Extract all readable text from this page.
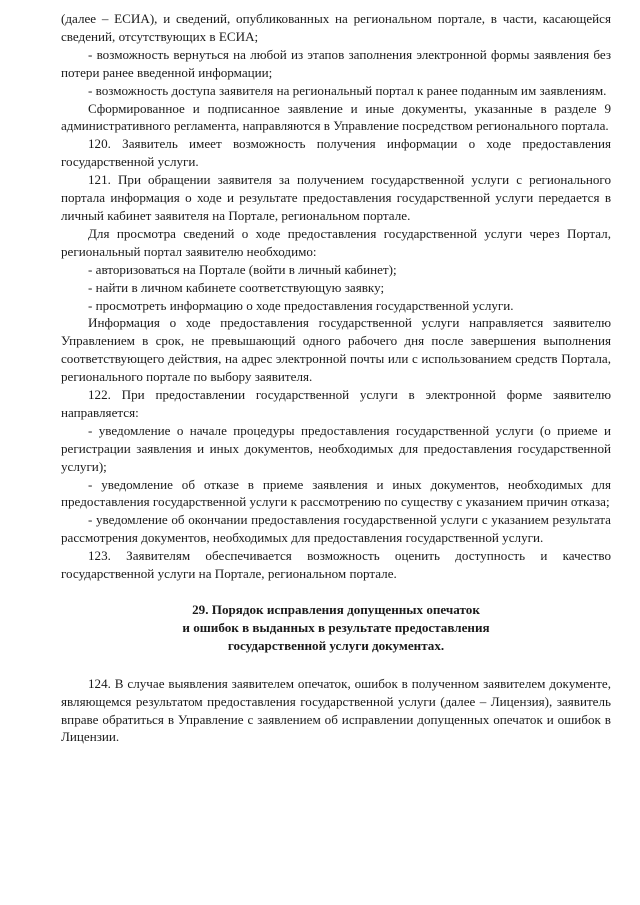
(далее – ЕСИА), и сведений, опубликованных на региональном портале, в части, касающейся сведений, отсутствующих в ЕСИА;

- возможность вернуться на любой из этапов заполнения электронной формы заявления без потери ранее введенной информации;

- возможность доступа заявителя на региональный портал к ранее поданным им заявлениям.

Сформированное и подписанное заявление и иные документы, указанные в разделе 9 административного регламента, направляются в Управление посредством регионального портала.

120. Заявитель имеет возможность получения информации о ходе предоставления государственной услуги.

121. При обращении заявителя за получением государственной услуги с регионального портала информация о ходе и результате предоставления государственной услуги передается в личный кабинет заявителя на Портале, региональном портале.

Для просмотра сведений о ходе предоставления государственной услуги через Портал, региональный портал заявителю необходимо:

- авторизоваться на Портале (войти в личный кабинет);

- найти в личном кабинете соответствующую заявку;

- просмотреть информацию о ходе предоставления государственной услуги.

Информация о ходе предоставления государственной услуги направляется заявителю Управлением в срок, не превышающий одного рабочего дня после завершения выполнения соответствующего действия, на адрес электронной почты или с использованием средств Портала, регионального портале по выбору заявителя.

122. При предоставлении государственной услуги в электронной форме заявителю направляется:

- уведомление о начале процедуры предоставления государственной услуги (о приеме и регистрации заявления и иных документов, необходимых для предоставления государственной услуги);

- уведомление об отказе в приеме заявления и иных документов, необходимых для предоставления государственной услуги к рассмотрению по существу с указанием причин отказа;

- уведомление об окончании предоставления государственной услуги с указанием результата рассмотрения документов, необходимых для предоставления государственной услуги.

123. Заявителям обеспечивается возможность оценить доступность и качество государственной услуги на Портале, региональном портале.

29. Порядок исправления допущенных опечаток

и ошибок в выданных в результате предоставления

государственной услуги документах.

124. В случае выявления заявителем опечаток, ошибок в полученном заявителем документе, являющемся результатом предоставления государственной услуги (далее – Лицензия), заявитель вправе обратиться в Управление с заявлением об исправлении допущенных опечаток и ошибок в Лицензии.
